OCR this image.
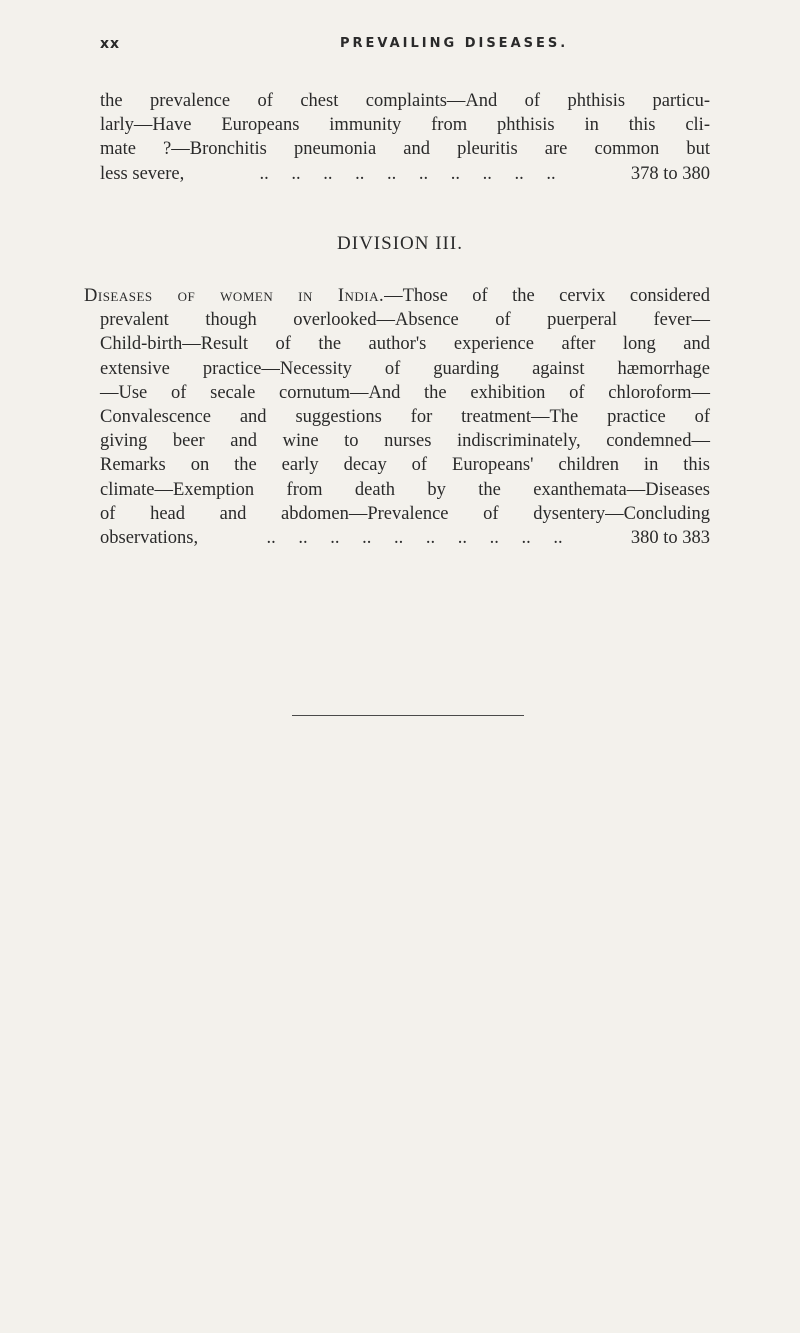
xx	PREVAILING DISEASES.
the prevalence of chest complaints—And of phthisis particu-
larly—Have Europeans immunity from phthisis in this cli-
mate ?—Bronchitis pneumonia and pleuritis are common but
less severe,	.. .. .. .. .. .. .. .. .. ..	378 to 380
DIVISION III.
Diseases of women in India.—Those of the cervix considered
prevalent though overlooked—Absence of puerperal fever—
Child-birth—Result of the author's experience after long and
extensive practice—Necessity of guarding against hæmorrhage
—Use of secale cornutum—And the exhibition of chloroform—
Convalescence and suggestions for treatment—The practice of
giving beer and wine to nurses indiscriminately, condemned—
Remarks on the early decay of Europeans' children in this
climate—Exemption from death by the exanthemata—Diseases
of head and abdomen—Prevalence of dysentery—Concluding
observations,	.. .. .. .. .. .. .. .. .. ..	380 to 383
